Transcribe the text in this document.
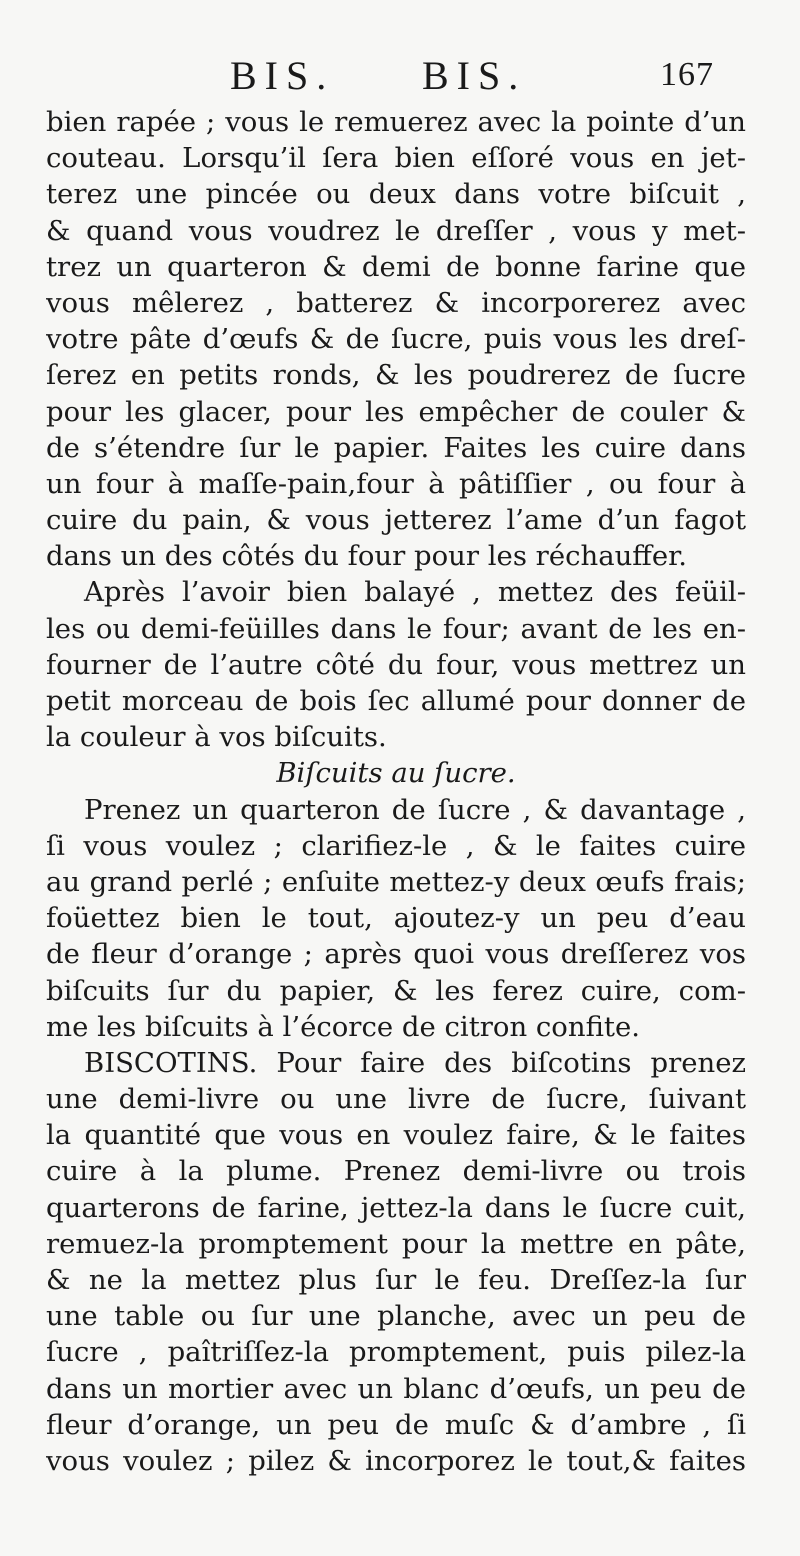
BIS. BIS.	167
bien rapée ; vous le remuerez avec la pointe d’un
couteau. Lorsqu’il ſera bien eſſoré vous en jet-
terez une pincée ou deux dans votre biſcuit ,
& quand vous voudrez le dreſſer , vous y met-
trez un quarteron & demi de bonne farine que
vous mêlerez , batterez & incorporerez avec
votre pâte d’œufs & de ſucre, puis vous les dreſ-
ſerez en petits ronds, & les poudrerez de ſucre
pour les glacer, pour les empêcher de couler &
de s’étendre ſur le papier. Faites les cuire dans
un four à maſſe-pain,four à pâtiſſier , ou four à
cuire du pain, & vous jetterez l’ame d’un fagot
dans un des côtés du four pour les réchauffer.
Après l’avoir bien balayé , mettez des feüil-
les ou demi-feüilles dans le four; avant de les en-
fourner de l’autre côté du four, vous mettrez un
petit morceau de bois ſec allumé pour donner de
la couleur à vos biſcuits.
Biſcuits au ſucre.
Prenez un quarteron de ſucre , & davantage ,
ſi vous voulez ; clarifiez-le , & le faites cuire
au grand perlé ; enſuite mettez-y deux œufs frais;
foüettez bien le tout, ajoutez-y un peu d’eau
de fleur d’orange ; après quoi vous dreſſerez vos
biſcuits ſur du papier, & les ferez cuire, com-
me les biſcuits à l’écorce de citron confite.
BISCOTINS. Pour faire des biſcotins prenez
une demi-livre ou une livre de ſucre, ſuivant
la quantité que vous en voulez faire, & le faites
cuire à la plume. Prenez demi-livre ou trois
quarterons de farine, jettez-la dans le ſucre cuit,
remuez-la promptement pour la mettre en pâte,
& ne la mettez plus ſur le feu. Dreſſez-la ſur
une table ou ſur une planche, avec un peu de
ſucre , paîtriſſez-la promptement, puis pilez-la
dans un mortier avec un blanc d’œufs, un peu de
fleur d’orange, un peu de muſc & d’ambre , ſi
vous voulez ; pilez & incorporez le tout,& faites
